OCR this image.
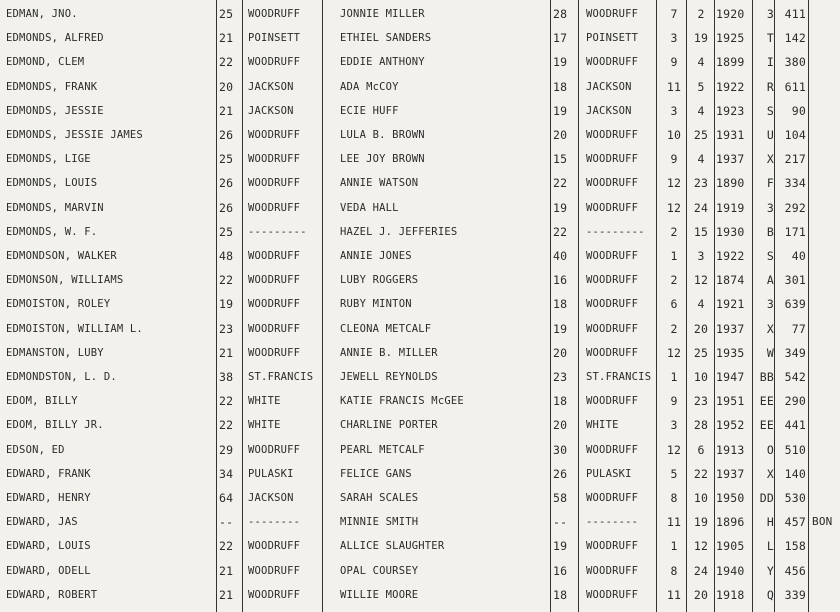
EDMAN, JNO.	25 WOODRUFF	JONNIE MILLER	28 WOODRUFF	7	2 1920	3 411
EDMONDS, ALFRED	21 POINSETT	ETHIEL SANDERS	17 POINSETT	3	19 1925	T 142
EDMOND, CLEM	22 WOODRUFF	EDDIE ANTHONY	19 WOODRUFF	9	4 1899	I 380
EDMONDS, FRANK	20 JACKSON	ADA McCOY	18 JACKSON	11	5 1922	R 611
EDMONDS, JESSIE	21 JACKSON	ECIE HUFF	19 JACKSON	3	4 1923	S	90
EDMONDS, JESSIE JAMES	26 WOODRUFF	LULA B. BROWN	20 WOODRUFF	10	25 1931	U 104
EDMONDS, LIGE	25 WOODRUFF	LEE JOY BROWN	15 WOODRUFF	9	4 1937	X 217
EDMONDS, LOUIS	26 WOODRUFF	ANNIE WATSON	22 WOODRUFF	12	23 1890	F 334
EDMONDS, MARVIN	26 WOODRUFF	VEDA HALL	19 WOODRUFF	12	24 1919	3 292
EDMONDS, W. F.	25 ---------	HAZEL J. JEFFERIES	22 ---------	2	15 1930	B 171
EDMONDSON, WALKER	48 WOODRUFF	ANNIE JONES	40 WOODRUFF	1	3 1922	S	40
EDMONSON, WILLIAMS	22 WOODRUFF	LUBY ROGGERS	16 WOODRUFF	2	12 1874	A 301
EDMOISTON, ROLEY	19 WOODRUFF	RUBY MINTON	18 WOODRUFF	6	4 1921	3 639
EDMOISTON, WILLIAM L.	23 WOODRUFF	CLEONA METCALF	19 WOODRUFF	2	20 1937	X	77
EDMANSTON, LUBY	21 WOODRUFF	ANNIE B. MILLER	20 WOODRUFF	12	25 1935	W 349
EDMONDSTON, L. D.	38 ST.FRANCIS	JEWELL REYNOLDS	23 ST.FRANCIS	1	10 1947	BB 542
EDOM, BILLY	22 WHITE	KATIE FRANCIS McGEE	18 WOODRUFF	9	23 1951	EE 290
EDOM, BILLY JR.	22 WHITE	CHARLINE PORTER	20 WHITE	3	28 1952	EE 441
EDSON, ED	29 WOODRUFF	PEARL METCALF	30 WOODRUFF	12	6 1913	O 510
EDWARD, FRANK	34 PULASKI	FELICE GANS	26 PULASKI	5	22 1937	X 140
EDWARD, HENRY	64 JACKSON	SARAH SCALES	58 WOODRUFF	8	10 1950	DD 530
EDWARD, JAS	-- --------	MINNIE SMITH	-- --------	11	19 1896	H 457 BON
EDWARD, LOUIS	22 WOODRUFF	ALLICE SLAUGHTER	19 WOODRUFF	1	12 1905	L 158
EDWARD, ODELL	21 WOODRUFF	OPAL COURSEY	16 WOODRUFF	8	24 1940	Y 456
EDWARD, ROBERT	21 WOODRUFF	WILLIE MOORE	18 WOODRUFF	11	20 1918	Q 339
